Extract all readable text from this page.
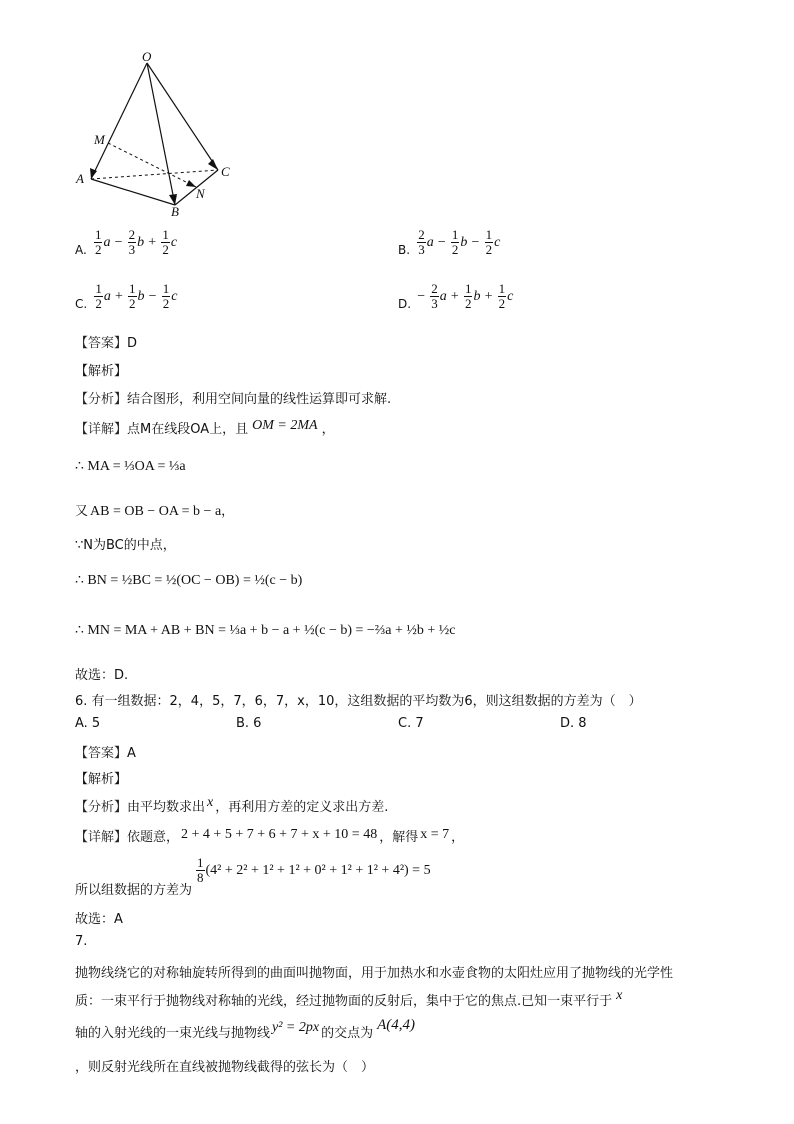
O
M
A
B
C
N
A. $\frac{1}{2}$ $a - \frac{2}{3}$ $b + \frac{1}{2}$ c	B. $\frac{2}{3}$ $a - \frac{1}{2}$ $b - \frac{1}{2}$ c
C. $\frac{1}{2}$ $a + \frac{1}{2}$ $b - \frac{1}{2}$ c	D. − $\frac{2}{3}$ $a + \frac{1}{2}$ $b + \frac{1}{2}$ c
【答案】D
【解析】
【分析】结合图形，利用空间向量的线性运算即可求解.
【详解】点M在线段OA上，且 OM = 2MA ，
∴ MA = ⅓OA = ⅓a
又 AB = OB − OA = b − a，
∵N为BC的中点，
∴ BN = ½BC = ½(OC − OB) = ½(c − b)
∴ MN = MA + AB + BN = ⅓a + b − a + ½(c − b) = −⅔a + ½b + ½c
故选：D.
6. 有一组数据：2，4，5，7，6，7，x，10，这组数据的平均数为6，则这组数据的方差为（　）
A. 5	B. 6	C. 7	D. 8
【答案】A
【解析】
【分析】由平均数求出 x ，再利用方差的定义求出方差.
【详解】依题意， 2 + 4 + 5 + 7 + 6 + 7 + x + 10 = 48 ，解得 x = 7 ，
所以组数据的方差为
$\frac{1}{8} (4^2 + 2^2 + 1^2 + 1^2 + 0^2 + 1^2 + 1^2 + 4^2) = 5$
故选：A
7.
抛物线绕它的对称轴旋转所得到的曲面叫抛物面，用于加热水和水壶食物的太阳灶应用了抛物线的光学性
质：一束平行于抛物线对称轴的光线，经过抛物面的反射后，集中于它的焦点.已知一束平行于 x
轴的入射光线的一束光线与抛物线 y² = 2px 的交点为A(4,4)
，则反射光线所在直线被抛物线截得的弦长为（　）
